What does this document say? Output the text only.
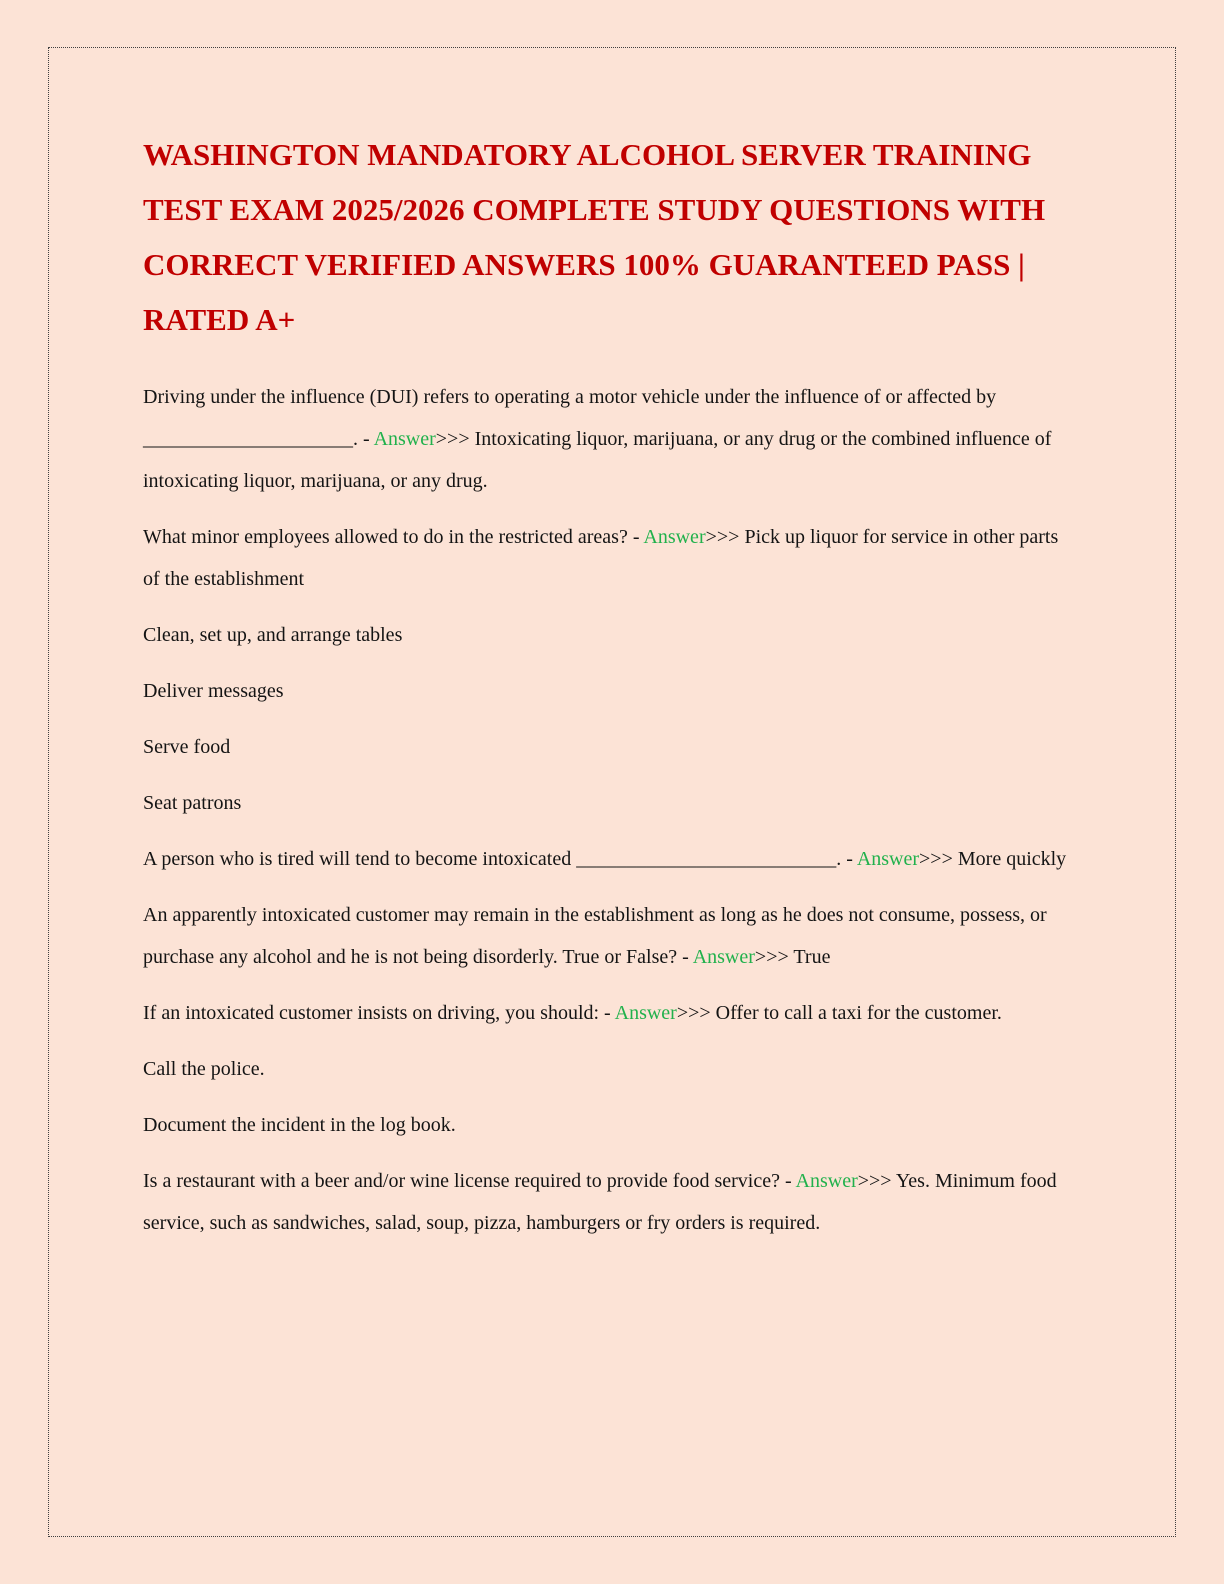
WASHINGTON MANDATORY ALCOHOL SERVER TRAINING
TEST EXAM 2025/2026 COMPLETE STUDY QUESTIONS WITH
CORRECT VERIFIED ANSWERS 100% GUARANTEED PASS |
RATED A+

Driving under the influence (DUI) refers to operating a motor vehicle under the influence of or affected by _____________________. - Answer>>> Intoxicating liquor, marijuana, or any drug or the combined influence of intoxicating liquor, marijuana, or any drug.

What minor employees allowed to do in the restricted areas? - Answer>>> Pick up liquor for service in other parts of the establishment

Clean, set up, and arrange tables

Deliver messages

Serve food

Seat patrons

A person who is tired will tend to become intoxicated __________________________. - Answer>>> More quickly

An apparently intoxicated customer may remain in the establishment as long as he does not consume, possess, or purchase any alcohol and he is not being disorderly. True or False? - Answer>>> True

If an intoxicated customer insists on driving, you should: - Answer>>> Offer to call a taxi for the customer.

Call the police.

Document the incident in the log book.

Is a restaurant with a beer and/or wine license required to provide food service? - Answer>>> Yes. Minimum food service, such as sandwiches, salad, soup, pizza, hamburgers or fry orders is required.
